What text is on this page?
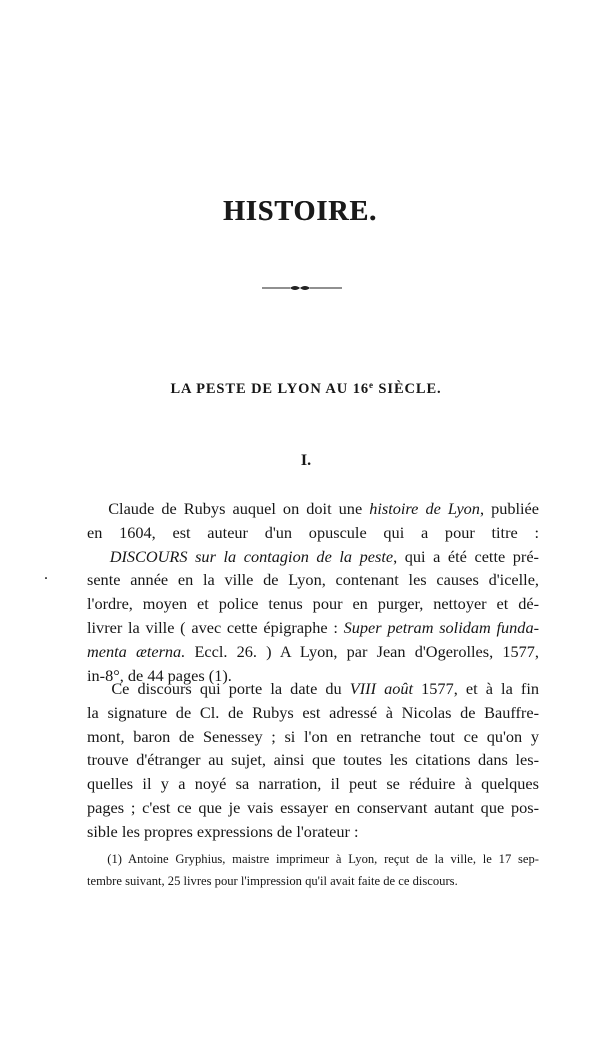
HISTOIRE.
LA PESTE DE LYON AU 16e SIÈCLE.
I.
.
Claude de Rubys auquel on doit une histoire de Lyon, publiée
en 1604, est auteur d'un opuscule qui a pour titre :
DISCOURS sur la contagion de la peste, qui a été cette pré-
sente année en la ville de Lyon, contenant les causes d'icelle,
l'ordre, moyen et police tenus pour en purger, nettoyer et dé-
livrer la ville ( avec cette épigraphe : Super petram solidam funda-
menta æterna. Eccl. 26. ) A Lyon, par Jean d'Ogerolles, 1577,
in-8°, de 44 pages (1).
Ce discours qui porte la date du VIII août 1577, et à la fin
la signature de Cl. de Rubys est adressé à Nicolas de Bauffre-
mont, baron de Senessey ; si l'on en retranche tout ce qu'on y
trouve d'étranger au sujet, ainsi que toutes les citations dans les-
quelles il y a noyé sa narration, il peut se réduire à quelques
pages ; c'est ce que je vais essayer en conservant autant que pos-
sible les propres expressions de l'orateur :
(1) Antoine Gryphius, maistre imprimeur à Lyon, reçut de la ville, le 17 sep-
tembre suivant, 25 livres pour l'impression qu'il avait faite de ce discours.
